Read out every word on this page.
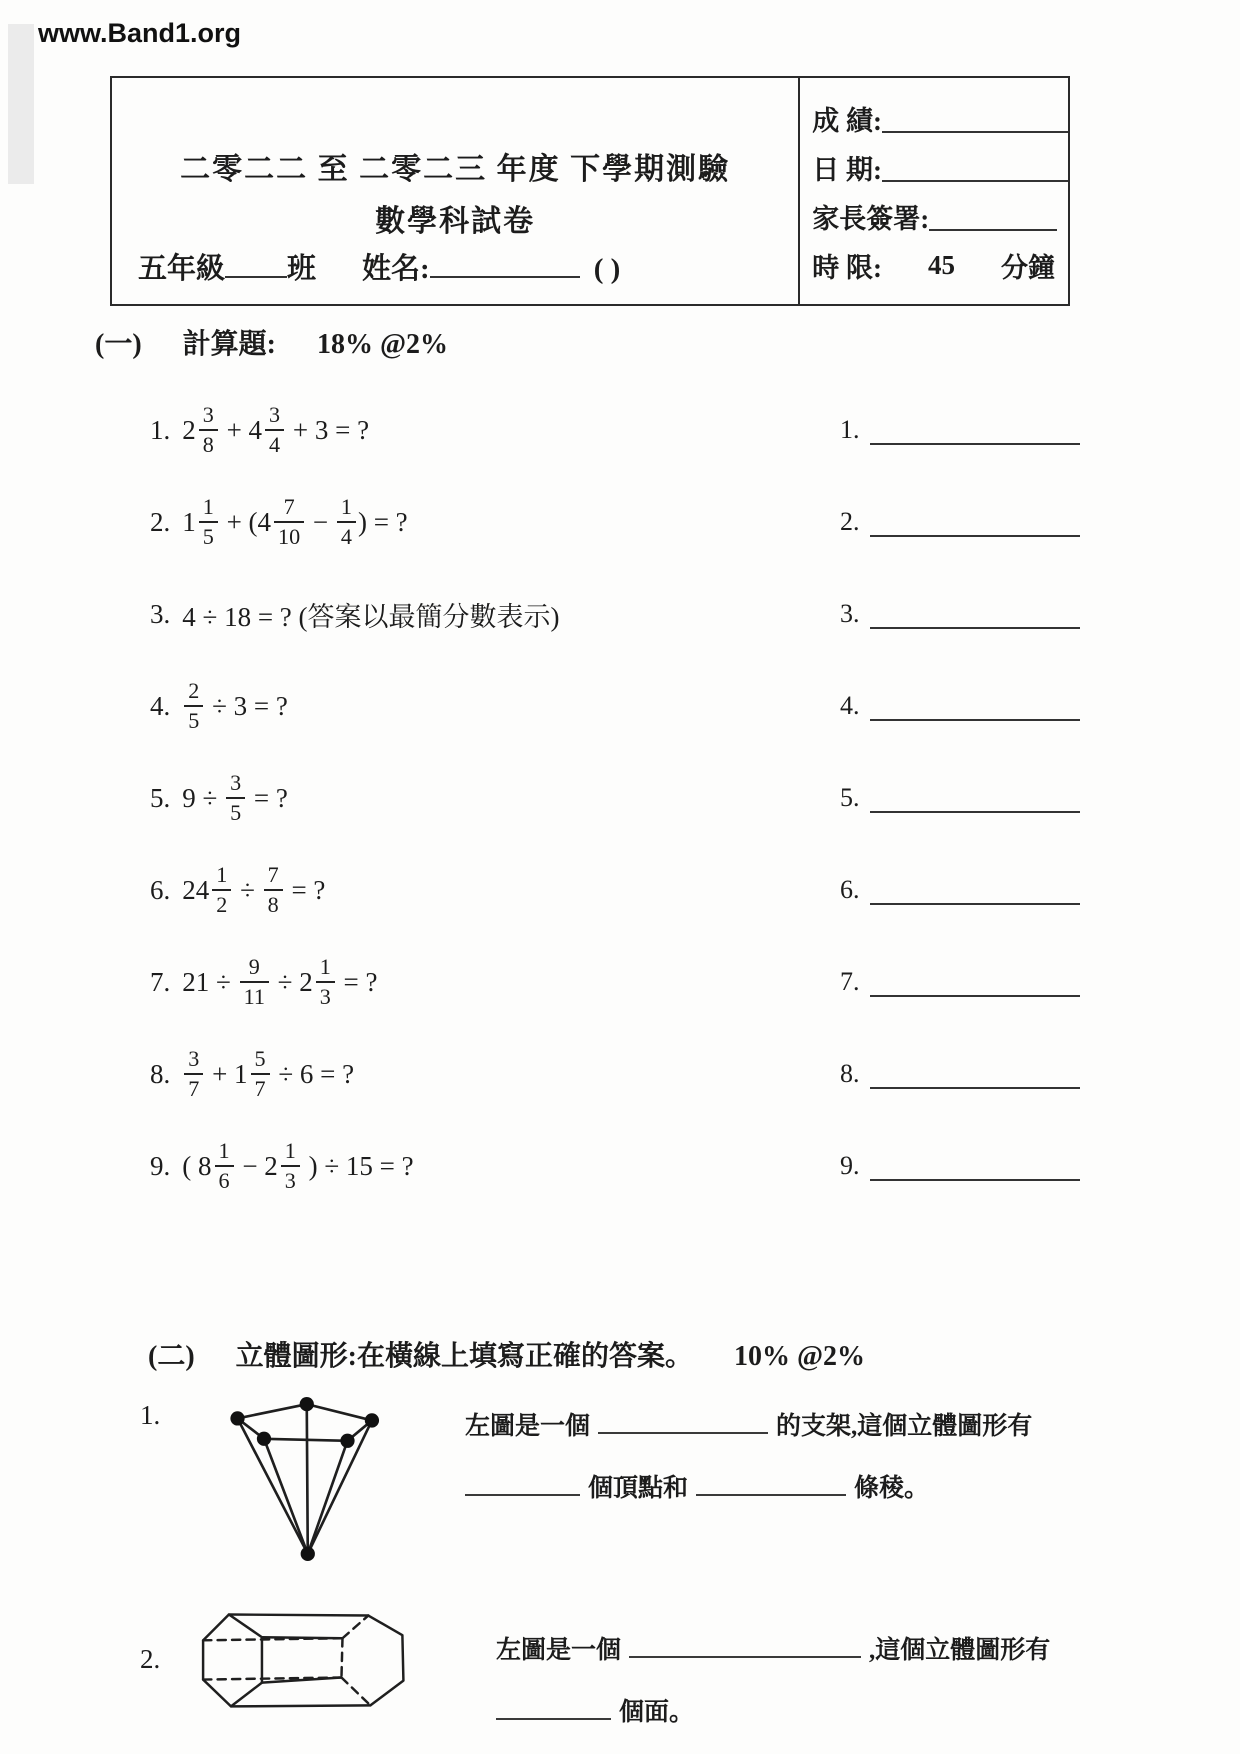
www.Band1.org
二零二二 至 二零二三 年度 下學期測驗
數學科試卷
五年級 班 姓名:	( )
成 績:
日 期:
家長簽署:
時 限: 45 分鐘
(一) 計算題: 18% @2%
1. $2 \frac{3}{8} + 4 \frac{3}{4} + 3$ = ?	1.
2. $1 \frac{1}{5}$ + ( $4 \frac{7}{10} - \frac{1}{4}$ ) = ?	2.
3. 4 ÷ 18 = ? (答案以最簡分數表示)	3.
4. $\frac{2}{5} \div 3$ = ?	4.
5. $9 \div \frac{3}{5}$ = ?	5.
6. $24 \frac{1}{2} \div \frac{7}{8}$ = ?	6.
7. $21 \div \frac{9}{11} \div 2 \frac{1}{3}$ = ?	7.
8. $\frac{3}{7} + 1 \frac{5}{7} \div 6$ = ?	8.
9. ( $8 \frac{1}{6} - 2 \frac{1}{3}$ ) ÷ 15 = ?	9.
(二) 立體圖形:在橫線上填寫正確的答案。 10% @2%
1.	左圖是一個	的支架,這個立體圖形有
個頂點和	條稜。
2.	左圖是一個	,這個立體圖形有
個面。
